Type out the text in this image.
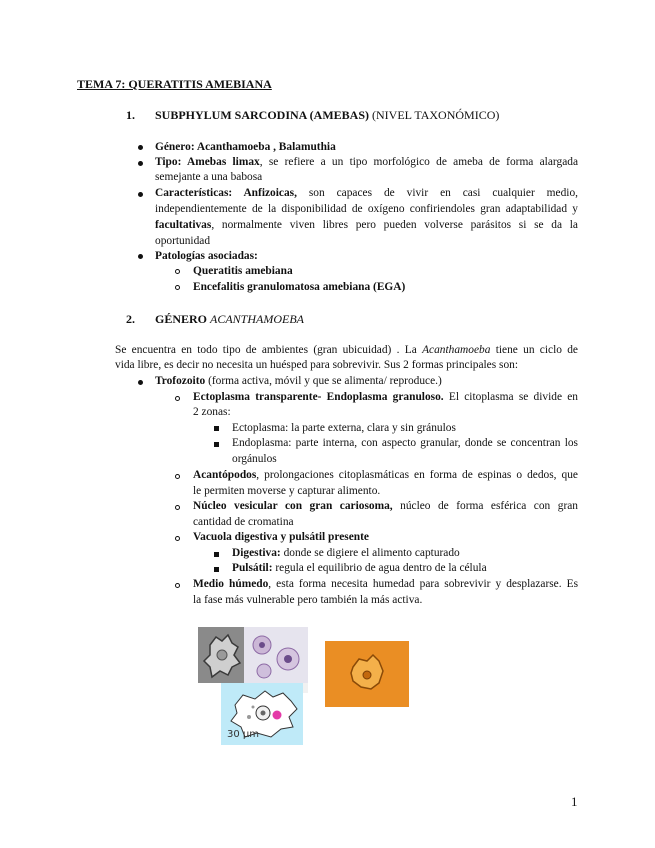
TEMA 7: QUERATITIS AMEBIANA
1. SUBPHYLUM SARCODINA (AMEBAS) (NIVEL TAXONÓMICO)
Género: Acanthamoeba , Balamuthia
Tipo: Amebas limax, se refiere a un tipo morfológico de ameba de forma alargada
semejante a una babosa
Características: Anfizoicas, son capaces de vivir en casi cualquier medio,
independientemente de la disponibilidad de oxígeno confiriendoles gran adaptabilidad y
facultativas, normalmente viven libres pero pueden volverse parásitos si se da la
oportunidad
Patologías asociadas:
Queratitis amebiana
Encefalitis granulomatosa amebiana (EGA)
2. GÉNERO ACANTHAMOEBA
Se encuentra en todo tipo de ambientes (gran ubicuidad) . La Acanthamoeba tiene un ciclo de
vida libre, es decir no necesita un huésped para sobrevivir. Sus 2 formas principales son:
Trofozoito (forma activa, móvil y que se alimenta/ reproduce.)
Ectoplasma transparente- Endoplasma granuloso. El citoplasma se divide en
2 zonas:
Ectoplasma: la parte externa, clara y sin gránulos
Endoplasma: parte interna, con aspecto granular, donde se concentran los
orgánulos
Acantópodos, prolongaciones citoplasmáticas en forma de espinas o dedos, que
le permiten moverse y capturar alimento.
Núcleo vesicular con gran cariosoma, núcleo de forma esférica con gran
cantidad de cromatina
Vacuola digestiva y pulsátil presente
Digestiva: donde se digiere el alimento capturado
Pulsátil: regula el equilibrio de agua dentro de la célula
Medio húmedo, esta forma necesita humedad para sobrevivir y desplazarse. Es
la fase más vulnerable pero también la más activa.
30 μm
1
